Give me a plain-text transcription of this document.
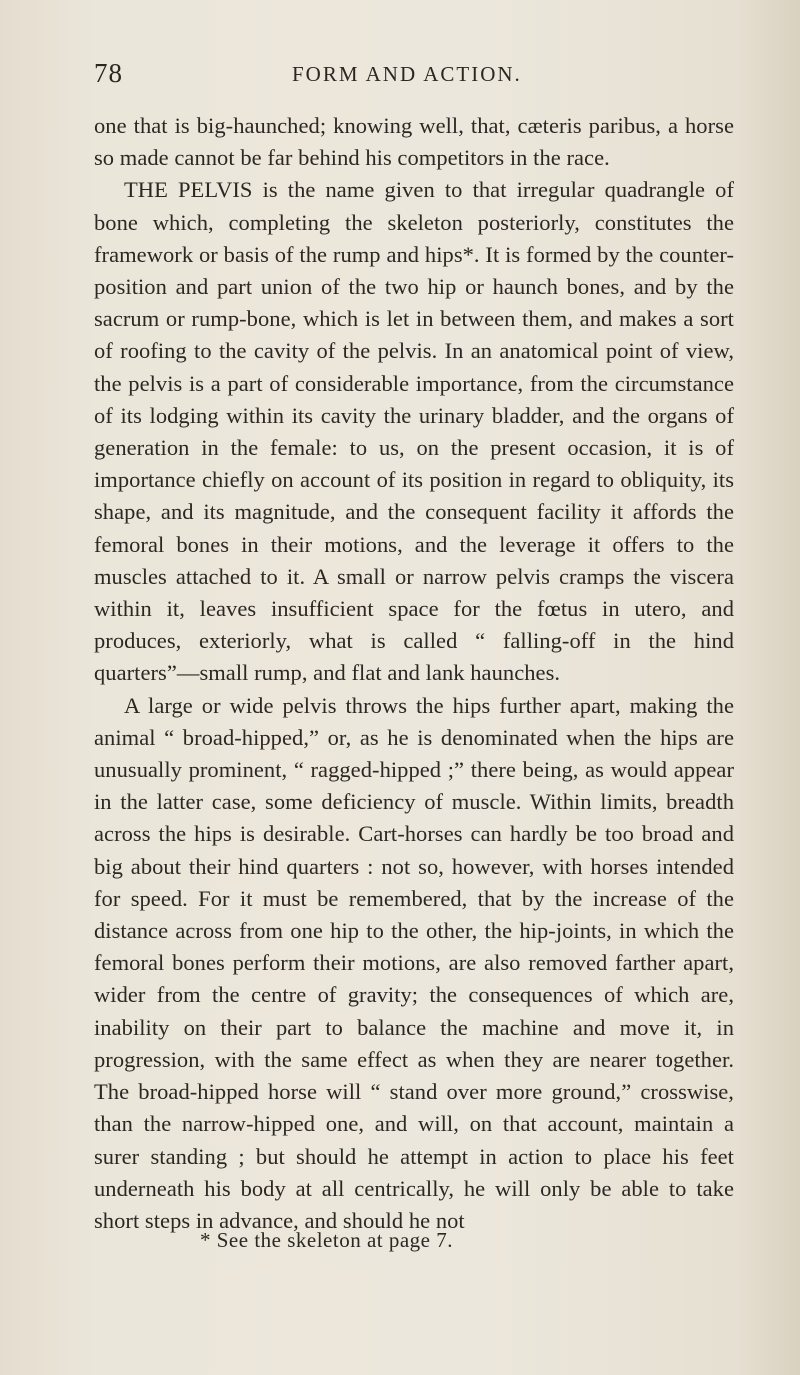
78	FORM AND ACTION.

one that is big-haunched; knowing well, that, cæteris paribus, a horse so made cannot be far behind his competitors in the race.

THE PELVIS is the name given to that irregular quadrangle of bone which, completing the skeleton posteriorly, constitutes the framework or basis of the rump and hips*. It is formed by the counter-position and part union of the two hip or haunch bones, and by the sacrum or rump-bone, which is let in between them, and makes a sort of roofing to the cavity of the pelvis. In an anatomical point of view, the pelvis is a part of considerable importance, from the circumstance of its lodging within its cavity the urinary bladder, and the organs of generation in the female: to us, on the present occasion, it is of importance chiefly on account of its position in regard to obliquity, its shape, and its magnitude, and the consequent facility it affords the femoral bones in their motions, and the leverage it offers to the muscles attached to it. A small or narrow pelvis cramps the viscera within it, leaves insufficient space for the fœtus in utero, and produces, exteriorly, what is called “ falling-off in the hind quarters”—small rump, and flat and lank haunches.

A large or wide pelvis throws the hips further apart, making the animal “ broad-hipped,” or, as he is denominated when the hips are unusually prominent, “ ragged-hipped ;” there being, as would appear in the latter case, some deficiency of muscle. Within limits, breadth across the hips is desirable. Cart-horses can hardly be too broad and big about their hind quarters : not so, however, with horses intended for speed. For it must be remembered, that by the increase of the distance across from one hip to the other, the hip-joints, in which the femoral bones perform their motions, are also removed farther apart, wider from the centre of gravity; the consequences of which are, inability on their part to balance the machine and move it, in progression, with the same effect as when they are nearer together. The broad-hipped horse will “ stand over more ground,” crosswise, than the narrow-hipped one, and will, on that account, maintain a surer standing ; but should he attempt in action to place his feet underneath his body at all centrically, he will only be able to take short steps in advance, and should he not

* See the skeleton at page 7.
